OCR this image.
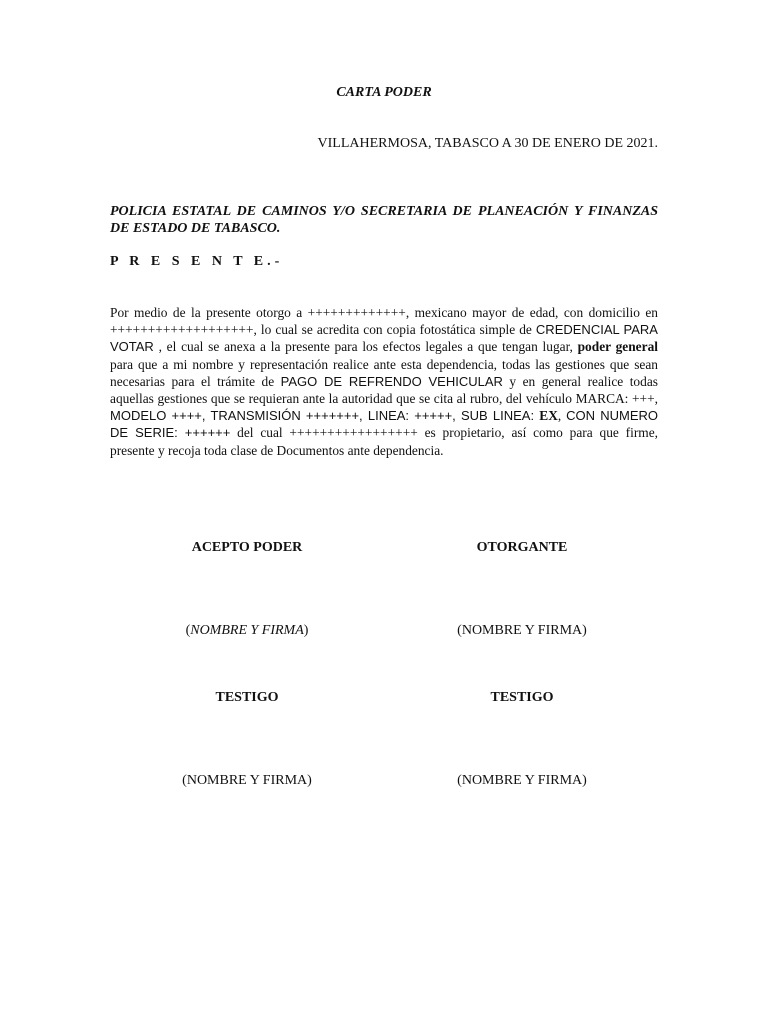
CARTA PODER

VILLAHERMOSA, TABASCO A 30 DE ENERO DE 2021.

POLICIA ESTATAL DE CAMINOS Y/O SECRETARIA DE PLANEACIÓN Y FINANZAS DE ESTADO DE TABASCO.

P R E S E N T E.-

Por medio de la presente otorgo a +++++++++++++, mexicano mayor de edad, con domicilio en +++++++++++++++++++, lo cual se acredita con copia fotostática simple de CREDENCIAL PARA VOTAR , el cual se anexa a la presente para los efectos legales a que tengan lugar, poder general para que a mi nombre y representación realice ante esta dependencia, todas las gestiones que sean necesarias para el trámite de PAGO DE REFRENDO VEHICULAR y en general realice todas aquellas gestiones que se requieran ante la autoridad que se cita al rubro, del vehículo MARCA: +++, MODELO ++++, TRANSMISIÓN +++++++, LINEA: +++++, SUB LINEA: EX, CON NUMERO DE SERIE: ++++++ del cual +++++++++++++++++ es propietario, así como para que firme, presente y recoja toda clase de Documentos ante dependencia.

ACEPTO PODER	OTORGANTE

(NOMBRE Y FIRMA)	(NOMBRE Y FIRMA)

TESTIGO	TESTIGO

(NOMBRE Y FIRMA)	(NOMBRE Y FIRMA)
